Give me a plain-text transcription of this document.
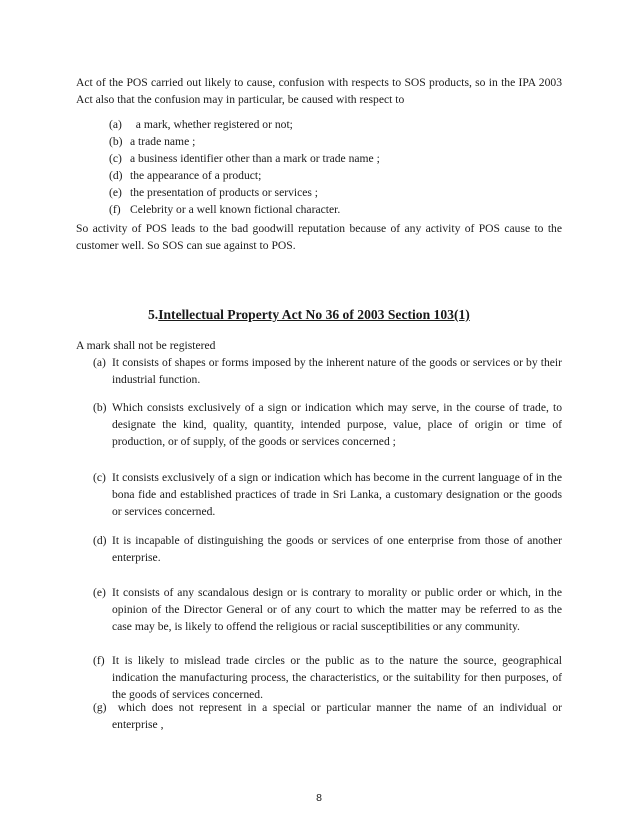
Act of the POS carried out likely to cause, confusion with respects to SOS products, so in the IPA 2003 Act also that the confusion may in particular, be caused with respect to

(a)  a mark, whether registered or not;
(b) a trade name ;
(c) a business identifier other than a mark or trade name ;
(d) the appearance of a product;
(e) the presentation of products or services ;
(f) Celebrity or a well known fictional character.

So activity of POS leads to the bad goodwill reputation because of any activity of POS cause to the customer well. So SOS can sue against to POS.

5.Intellectual Property Act No 36 of 2003 Section 103(1)

A mark shall not be registered

(a) It consists of shapes or forms imposed by the inherent nature of the goods or services or by their industrial function.
(b) Which consists exclusively of a sign or indication which may serve, in the course of trade, to designate the kind, quality, quantity, intended purpose, value, place of origin or time of production, or of supply, of the goods or services concerned ;
(c) It consists exclusively of a sign or indication which has become in the current language of in the bona fide and established practices of trade in Sri Lanka, a customary designation or the goods or services concerned.
(d) It is incapable of distinguishing the goods or services of one enterprise from those of another enterprise.
(e) It consists of any scandalous design or is contrary to morality or public order or which, in the opinion of the Director General or of any court to which the matter may be referred to as the case may be, is likely to offend the religious or racial susceptibilities or any community.
(f) It is likely to mislead trade circles or the public as to the nature the source, geographical indication the manufacturing process, the characteristics, or the suitability for then purposes, of the goods of services concerned.
(g) which does not represent in a special or particular manner the name of an individual or enterprise ,
8
